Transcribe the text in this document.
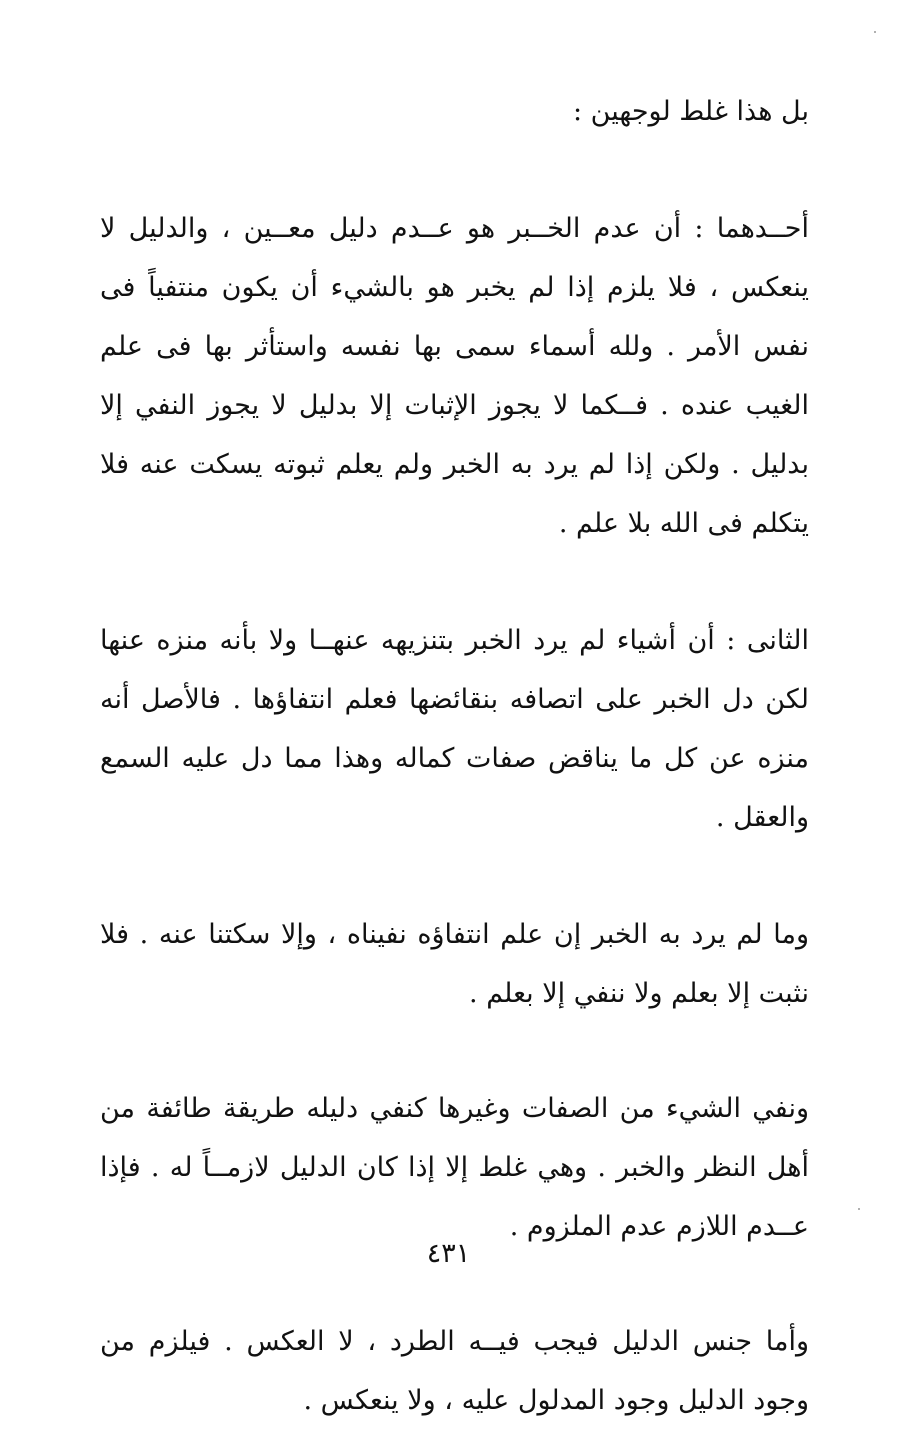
بل هذا غلط لوجهين :

أحــدهما : أن عدم الخــبر هو عــدم دليل معــين ، والدليل لا ينعكس ، فلا يلزم إذا لم يخبر هو بالشيء أن يكون منتفياً فى نفس الأمر . ولله أسماء سمى بها نفسه واستأثر بها فى علم الغيب عنده . فــكما لا يجوز الإثبات إلا بدليل لا يجوز النفي إلا بدليل . ولكن إذا لم يرد به الخبر ولم يعلم ثبوته يسكت عنه فلا يتكلم فى الله بلا علم .

الثانى : أن أشياء لم يرد الخبر بتنزيهه عنهــا ولا بأنه منزه عنها لكن دل الخبر على اتصافه بنقائضها فعلم انتفاؤها . فالأصل أنه منزه عن كل ما يناقض صفات كماله وهذا مما دل عليه السمع والعقل .

وما لم يرد به الخبر إن علم انتفاؤه نفيناه ، وإلا سكتنا عنه . فلا نثبت إلا بعلم ولا ننفي إلا بعلم .

ونفي الشيء من الصفات وغيرها كنفي دليله طريقة طائفة من أهل النظر والخبر . وهي غلط إلا إذا كان الدليل لازمــاً له . فإذا عــدم اللازم عدم الملزوم .

وأما جنس الدليل فيجب فيــه الطرد ، لا العكس . فيلزم من وجود الدليل وجود المدلول عليه ، ولا ينعكس .

٤٣١
